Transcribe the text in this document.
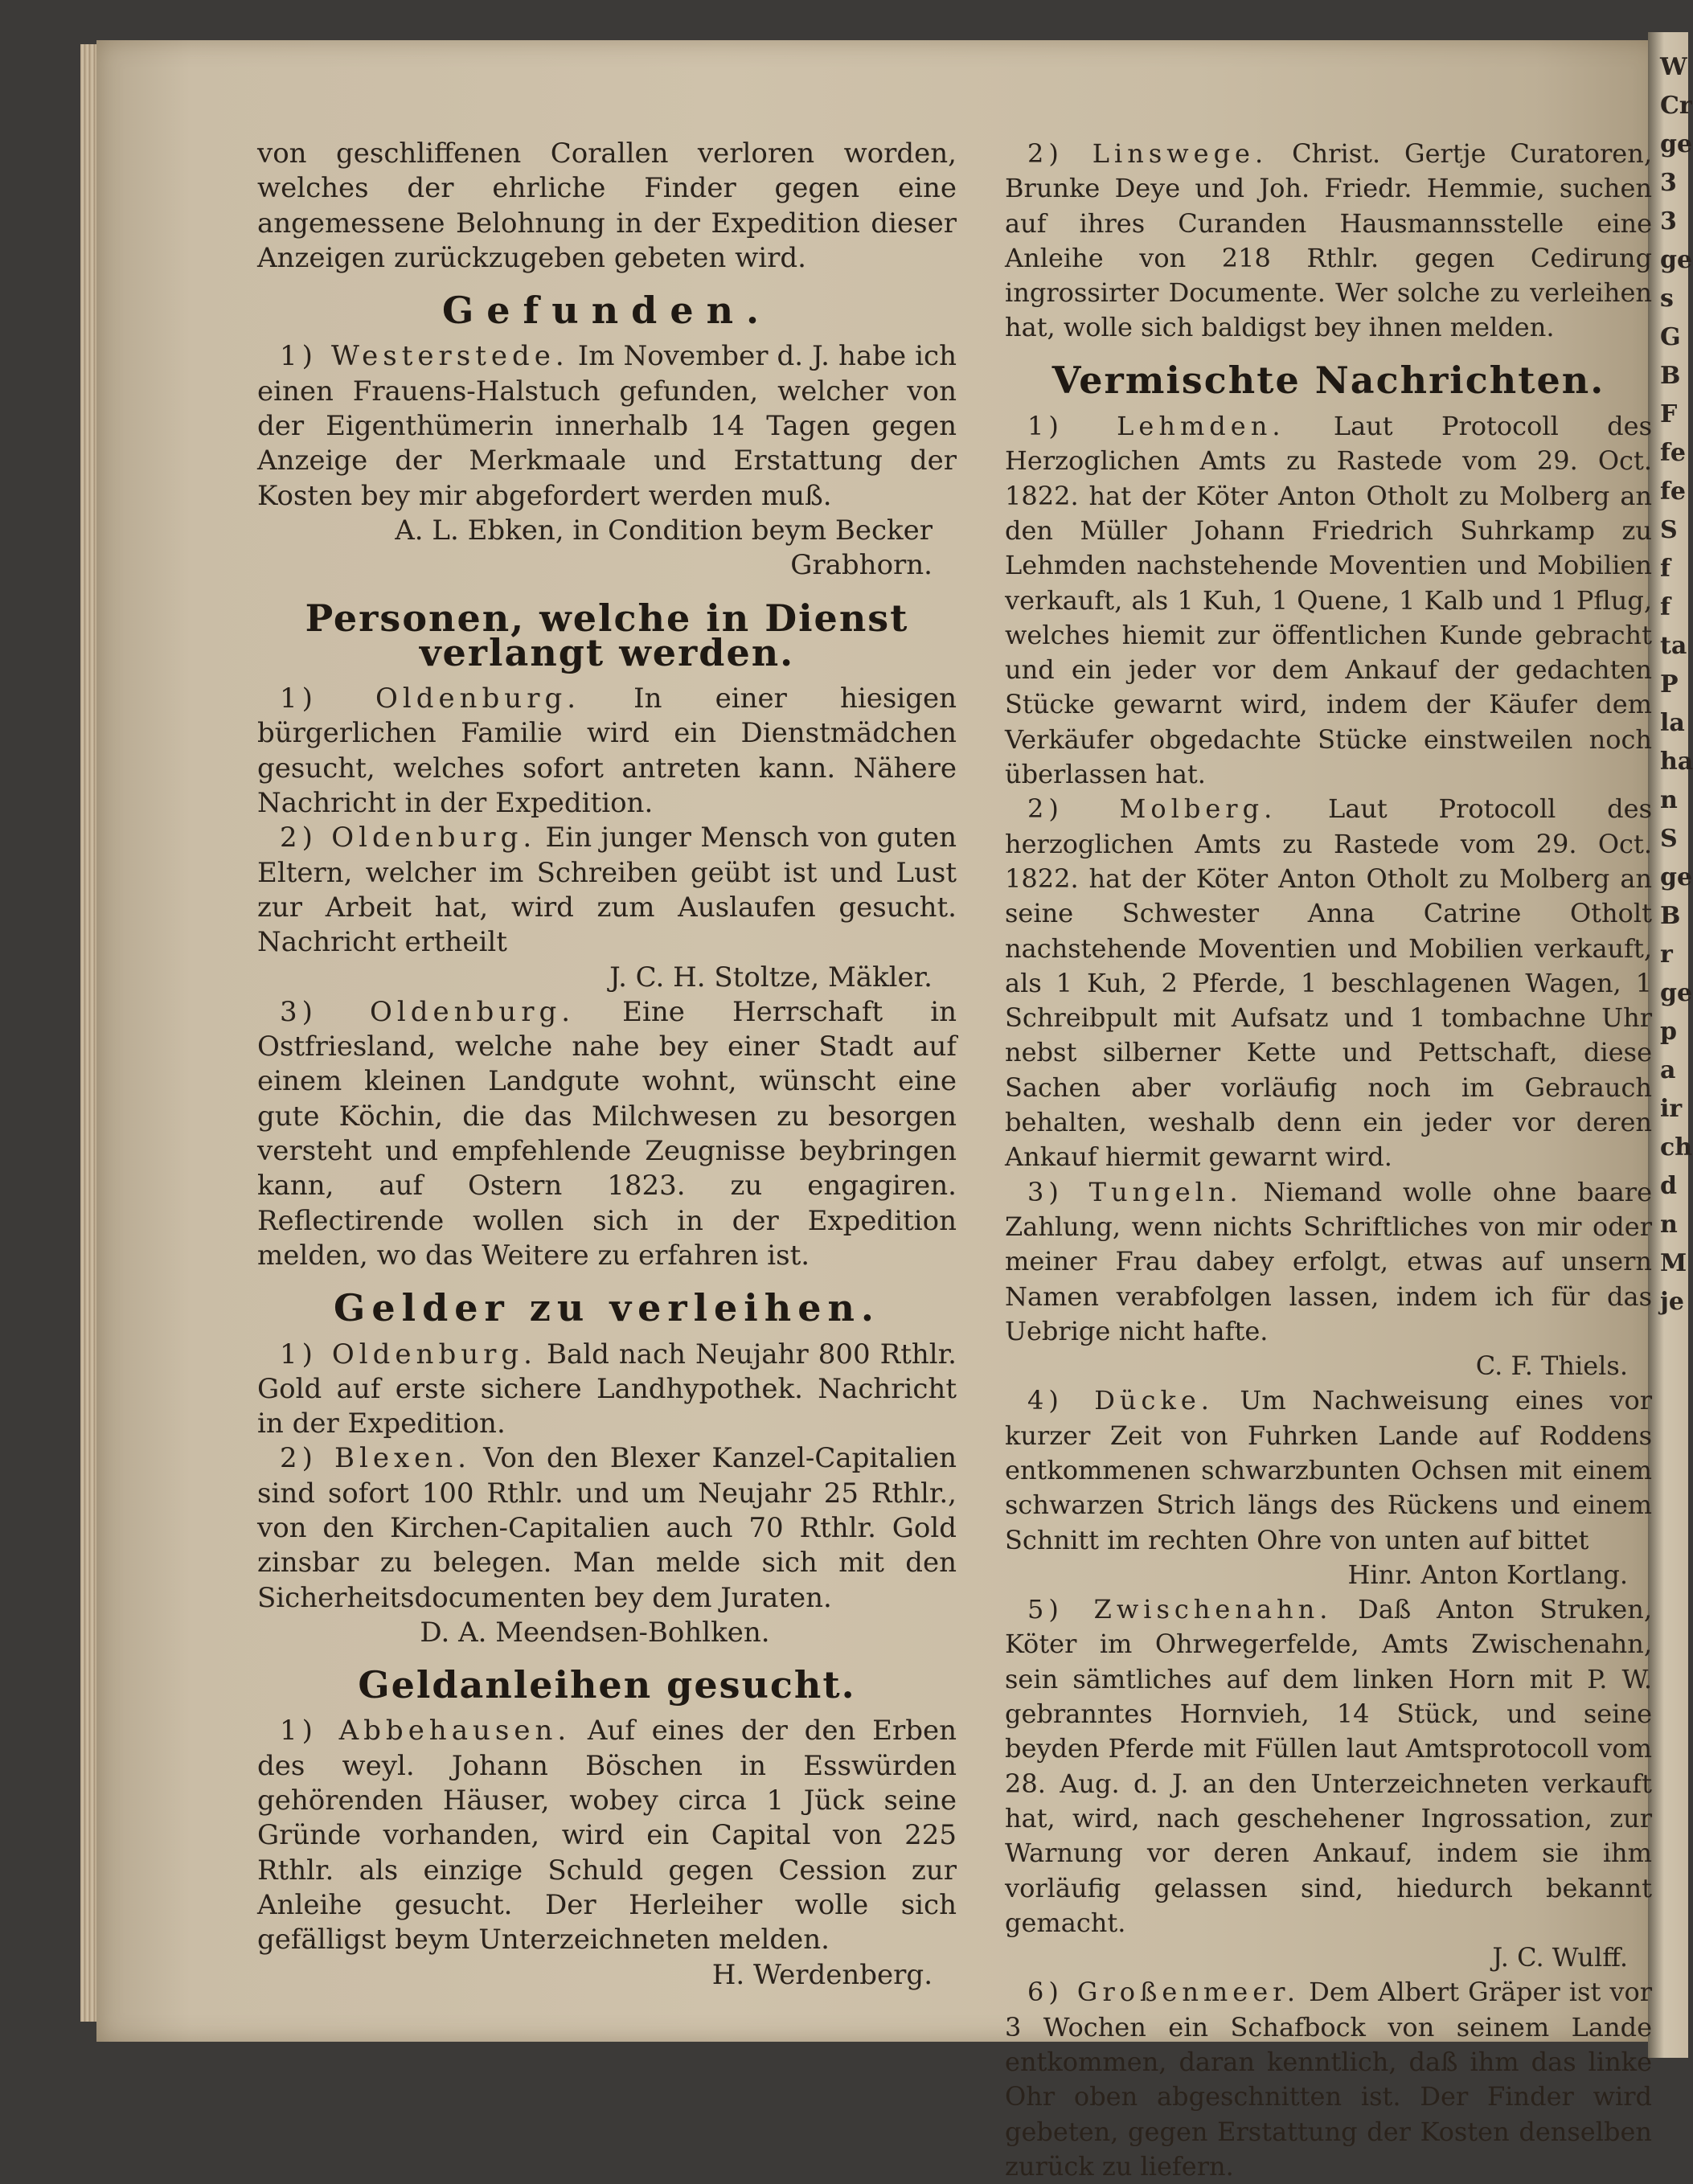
W Cr ge 3 3 ge s G B F fe fe S f f ta P la ha n S ge B r ge p a ir ch d n M je

von geschliffenen Corallen verloren worden, welches der ehrliche Finder gegen eine angemessene Belohnung in der Expedition dieser Anzeigen zurückzugeben gebeten wird.

Gefunden.

1) Westerstede. Im November d. J. habe ich einen Frauens-Halstuch gefunden, welcher von der Eigenthümerin innerhalb 14 Tagen gegen Anzeige der Merkmaale und Erstattung der Kosten bey mir abgefordert werden muß.

A. L. Ebken, in Condition beym Becker Grabhorn.

Personen, welche in Dienst verlangt werden.

1) Oldenburg. In einer hiesigen bürgerlichen Familie wird ein Dienstmädchen gesucht, welches sofort antreten kann. Nähere Nachricht in der Expedition.

2) Oldenburg. Ein junger Mensch von guten Eltern, welcher im Schreiben geübt ist und Lust zur Arbeit hat, wird zum Auslaufen gesucht. Nachricht ertheilt

J. C. H. Stoltze, Mäkler.

3) Oldenburg. Eine Herrschaft in Ostfriesland, welche nahe bey einer Stadt auf einem kleinen Landgute wohnt, wünscht eine gute Köchin, die das Milchwesen zu besorgen versteht und empfehlende Zeugnisse beybringen kann, auf Ostern 1823. zu engagiren. Reflectirende wollen sich in der Expedition melden, wo das Weitere zu erfahren ist.

Gelder zu verleihen.

1) Oldenburg. Bald nach Neujahr 800 Rthlr. Gold auf erste sichere Landhypothek. Nachricht in der Expedition.

2) Blexen. Von den Blexer Kanzel-Capitalien sind sofort 100 Rthlr. und um Neujahr 25 Rthlr., von den Kirchen-Capitalien auch 70 Rthlr. Gold zinsbar zu belegen. Man melde sich mit den Sicherheitsdocumenten bey dem Juraten.

D. A. Meendsen-Bohlken.

Geldanleihen gesucht.

1) Abbehausen. Auf eines der den Erben des weyl. Johann Böschen in Esswürden gehörenden Häuser, wobey circa 1 Jück seine Gründe vorhanden, wird ein Capital von 225 Rthlr. als einzige Schuld gegen Cession zur Anleihe gesucht. Der Herleiher wolle sich gefälligst beym Unterzeichneten melden.

H. Werdenberg.

2) Linswege. Christ. Gertje Curatoren, Brunke Deye und Joh. Friedr. Hemmie, suchen auf ihres Curanden Hausmannsstelle eine Anleihe von 218 Rthlr. gegen Cedirung ingrossirter Documente. Wer solche zu verleihen hat, wolle sich baldigst bey ihnen melden.

Vermischte Nachrichten.

1) Lehmden. Laut Protocoll des Herzoglichen Amts zu Rastede vom 29. Oct. 1822. hat der Köter Anton Otholt zu Molberg an den Müller Johann Friedrich Suhrkamp zu Lehmden nachstehende Moventien und Mobilien verkauft, als 1 Kuh, 1 Quene, 1 Kalb und 1 Pflug, welches hiemit zur öffentlichen Kunde gebracht und ein jeder vor dem Ankauf der gedachten Stücke gewarnt wird, indem der Käufer dem Verkäufer obgedachte Stücke einstweilen noch überlassen hat.

2) Molberg. Laut Protocoll des herzoglichen Amts zu Rastede vom 29. Oct. 1822. hat der Köter Anton Otholt zu Molberg an seine Schwester Anna Catrine Otholt nachstehende Moventien und Mobilien verkauft, als 1 Kuh, 2 Pferde, 1 beschlagenen Wagen, 1 Schreibpult mit Aufsatz und 1 tombachne Uhr nebst silberner Kette und Pettschaft, diese Sachen aber vorläufig noch im Gebrauch behalten, weshalb denn ein jeder vor deren Ankauf hiermit gewarnt wird.

3) Tungeln. Niemand wolle ohne baare Zahlung, wenn nichts Schriftliches von mir oder meiner Frau dabey erfolgt, etwas auf unsern Namen verabfolgen lassen, indem ich für das Uebrige nicht hafte.

C. F. Thiels.

4) Dücke. Um Nachweisung eines vor kurzer Zeit von Fuhrken Lande auf Roddens entkommenen schwarzbunten Ochsen mit einem schwarzen Strich längs des Rückens und einem Schnitt im rechten Ohre von unten auf bittet

Hinr. Anton Kortlang.

5) Zwischenahn. Daß Anton Struken, Köter im Ohrwegerfelde, Amts Zwischenahn, sein sämtliches auf dem linken Horn mit P. W. gebranntes Hornvieh, 14 Stück, und seine beyden Pferde mit Füllen laut Amtsprotocoll vom 28. Aug. d. J. an den Unterzeichneten verkauft hat, wird, nach geschehener Ingrossation, zur Warnung vor deren Ankauf, indem sie ihm vorläufig gelassen sind, hiedurch bekannt gemacht.

J. C. Wulff.

6) Großenmeer. Dem Albert Gräper ist vor 3 Wochen ein Schafbock von seinem Lande entkommen, daran kenntlich, daß ihm das linke Ohr oben abgeschnitten ist. Der Finder wird gebeten, gegen Erstattung der Kosten denselben zurück zu liefern.
